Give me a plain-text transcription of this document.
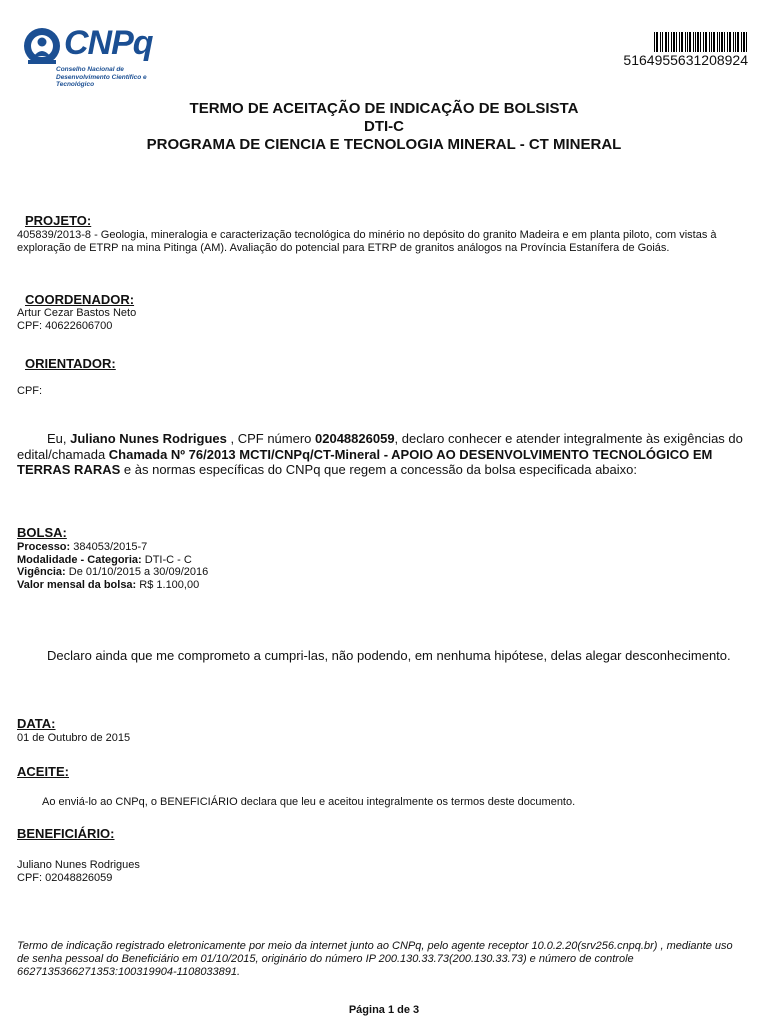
CNPq
Conselho Nacional de Desenvolvimento Científico e Tecnológico
5164955631208924
TERMO DE ACEITAÇÃO DE INDICAÇÃO DE BOLSISTA
DTI-C
PROGRAMA DE CIENCIA E TECNOLOGIA MINERAL - CT MINERAL
PROJETO:
405839/2013-8 - Geologia, mineralogia e caracterização tecnológica do minério no depósito do granito Madeira e em planta piloto, com vistas à exploração de ETRP na mina Pitinga (AM). Avaliação do potencial para ETRP de granitos análogos na Província Estanífera de Goiás.
COORDENADOR:
Artur Cezar Bastos Neto
CPF: 40622606700
ORIENTADOR:
CPF:
Eu, Juliano Nunes Rodrigues , CPF número 02048826059, declaro conhecer e atender integralmente às exigências do edital/chamada Chamada Nº 76/2013 MCTI/CNPq/CT-Mineral - APOIO AO DESENVOLVIMENTO TECNOLÓGICO EM TERRAS RARAS e às normas específicas do CNPq que regem a concessão da bolsa especificada abaixo:
BOLSA:
Processo: 384053/2015-7
Modalidade - Categoria: DTI-C - C
Vigência: De 01/10/2015 a 30/09/2016
Valor mensal da bolsa: R$ 1.100,00
Declaro ainda que me comprometo a cumpri-las, não podendo, em nenhuma hipótese, delas alegar desconhecimento.
DATA:
01 de Outubro de 2015
ACEITE:
Ao enviá-lo ao CNPq, o BENEFICIÁRIO declara que leu e aceitou integralmente os termos deste documento.
BENEFICIÁRIO:
Juliano Nunes Rodrigues
CPF: 02048826059
Termo de indicação registrado eletronicamente por meio da internet junto ao CNPq, pelo agente receptor 10.0.2.20(srv256.cnpq.br) , mediante uso de senha pessoal do Beneficiário em 01/10/2015, originário do número IP 200.130.33.73(200.130.33.73) e número de controle 6627135366271353:100319904-1108033891.
Página 1 de 3
